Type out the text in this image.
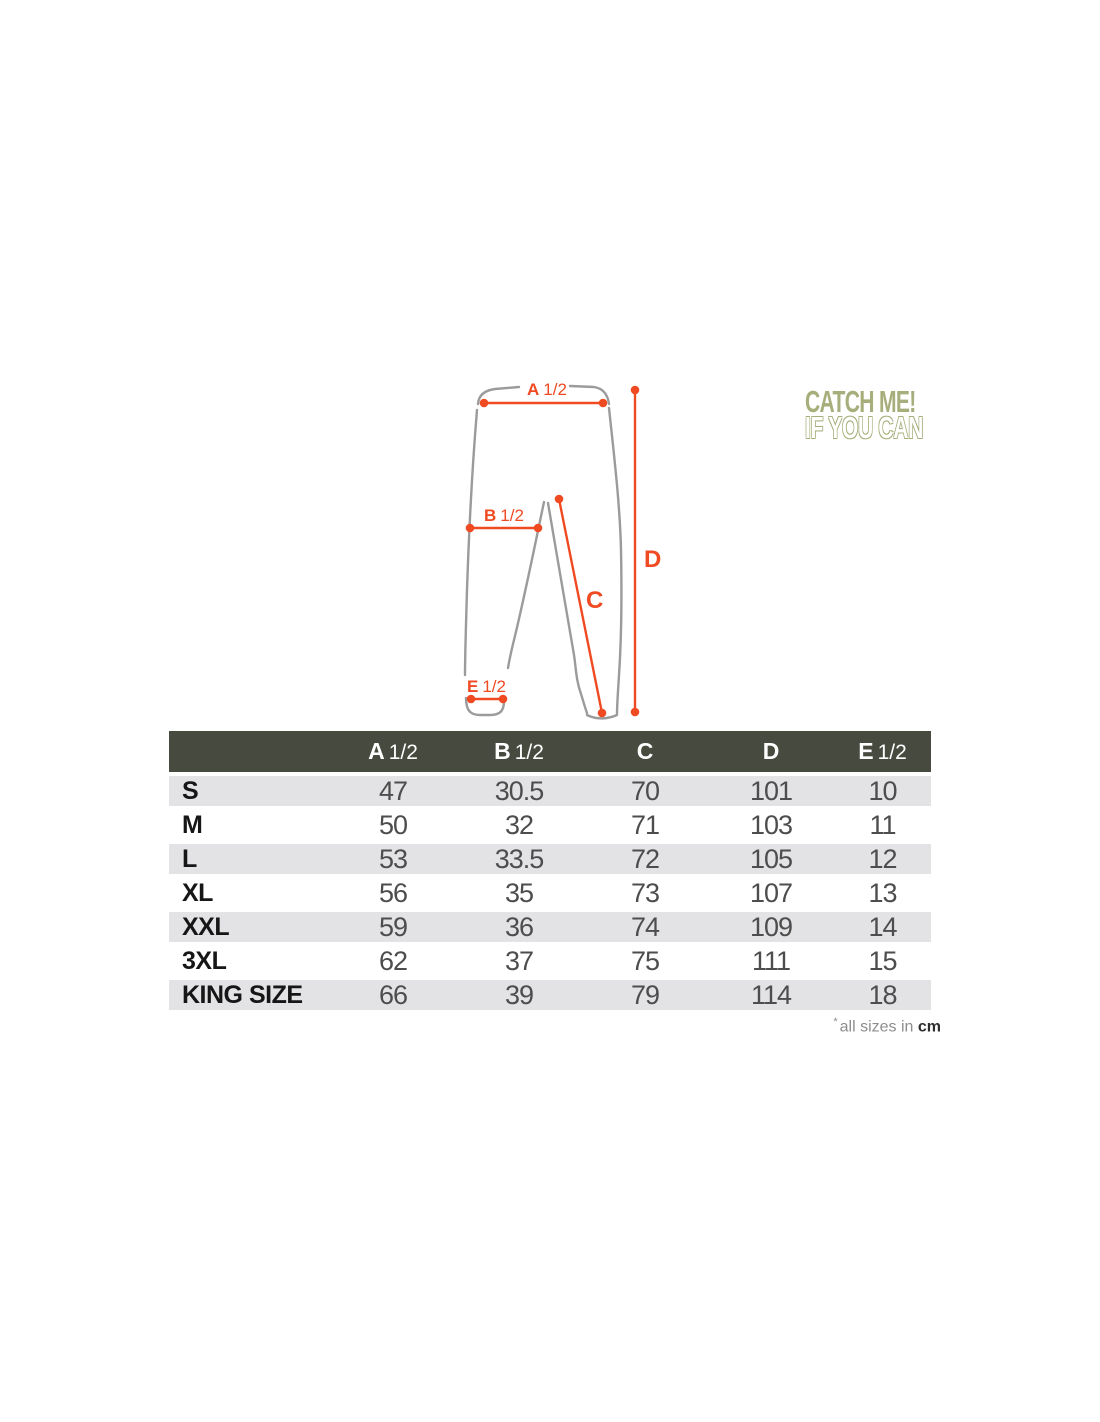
A 1/2
B 1/2
C
D
E 1/2
CATCH ME!
IF YOU CAN
	A 1/2	B 1/2	C	D	E 1/2
S	47	30.5	70	101	10
M	50	32	71	103	11
L	53	33.5	72	105	12
XL	56	35	73	107	13
XXL	59	36	74	109	14
3XL	62	37	75	111	15
KING SIZE	66	39	79	114	18
* all sizes in cm
